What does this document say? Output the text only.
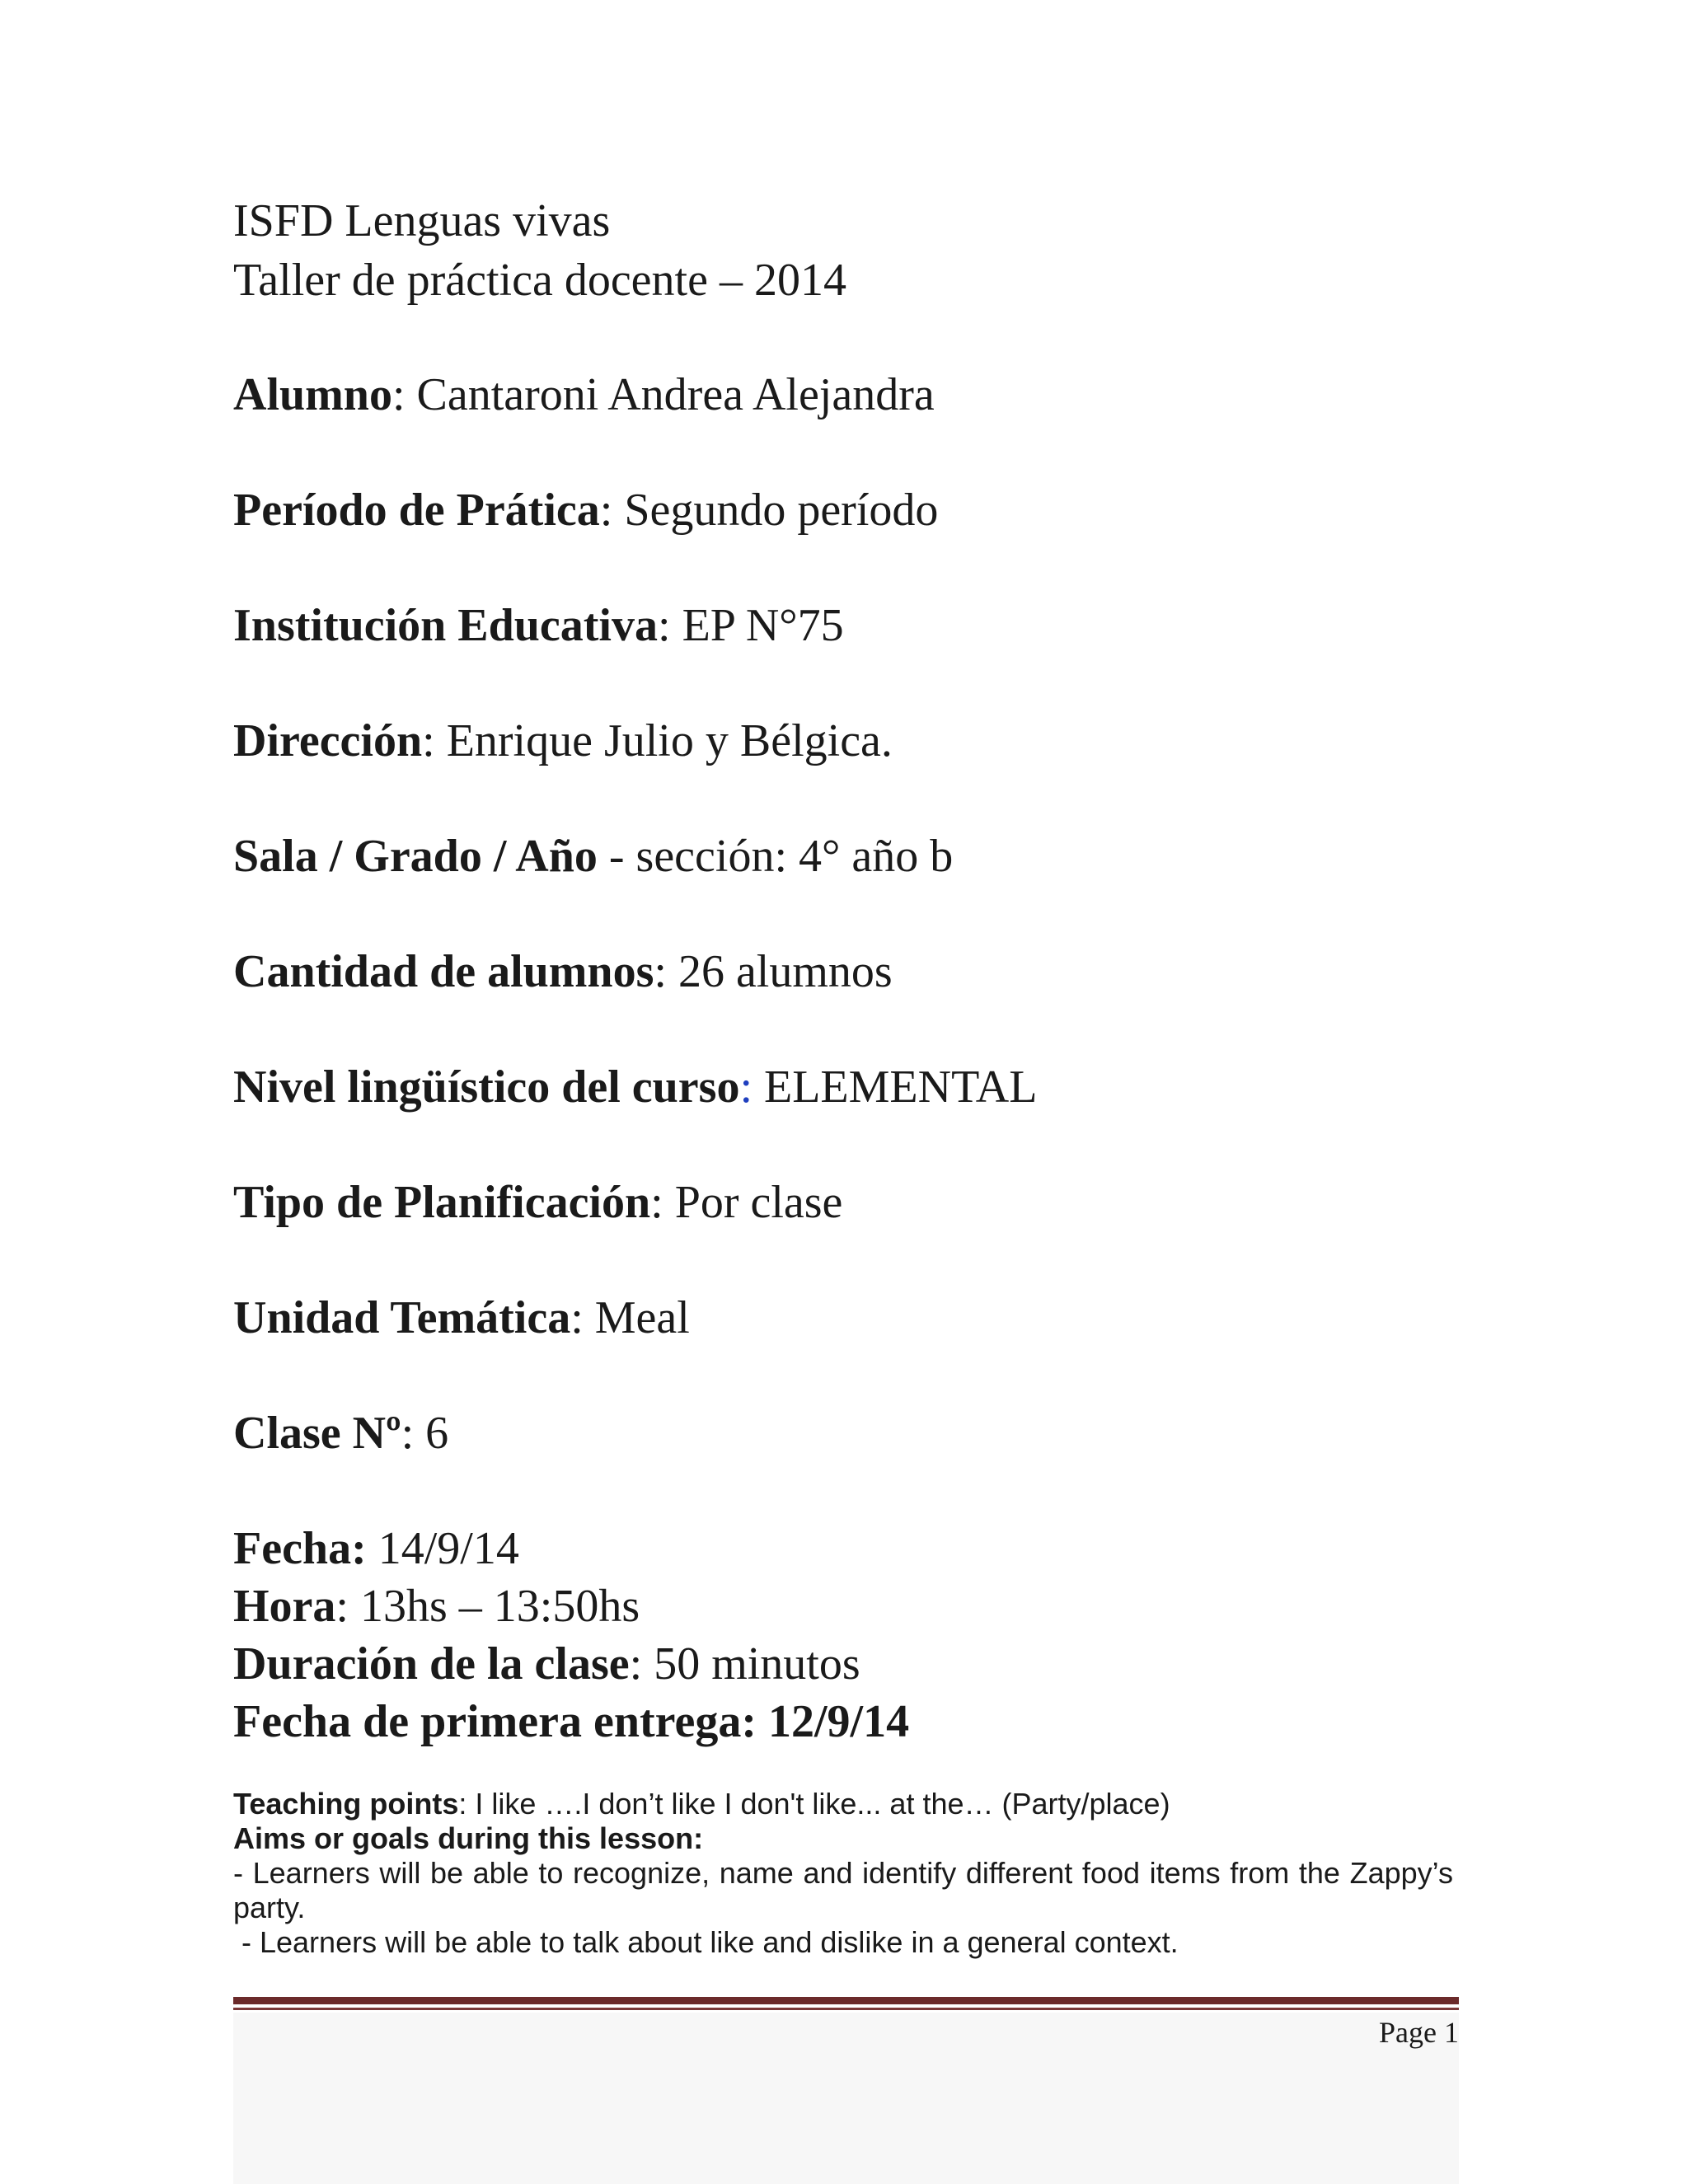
ISFD Lenguas vivas
Taller de práctica docente – 2014
Alumno: Cantaroni Andrea Alejandra
Período de Prática: Segundo período
Institución Educativa: EP N°75
Dirección: Enrique Julio y Bélgica.
Sala / Grado / Año - sección: 4° año b
Cantidad de alumnos: 26 alumnos
Nivel lingüístico del curso: ELEMENTAL
Tipo de Planificación: Por clase
Unidad Temática: Meal
Clase Nº: 6
Fecha: 14/9/14
Hora: 13hs – 13:50hs
Duración de la clase: 50 minutos
Fecha de primera entrega: 12/9/14
Teaching points: I like ….I don’t like I don't like... at the… (Party/place)
Aims or goals during this lesson:
- Learners will be able to recognize, name and identify different food items from the Zappy’s party.
- Learners will be able to talk about like and dislike in a general context.
Page 1
